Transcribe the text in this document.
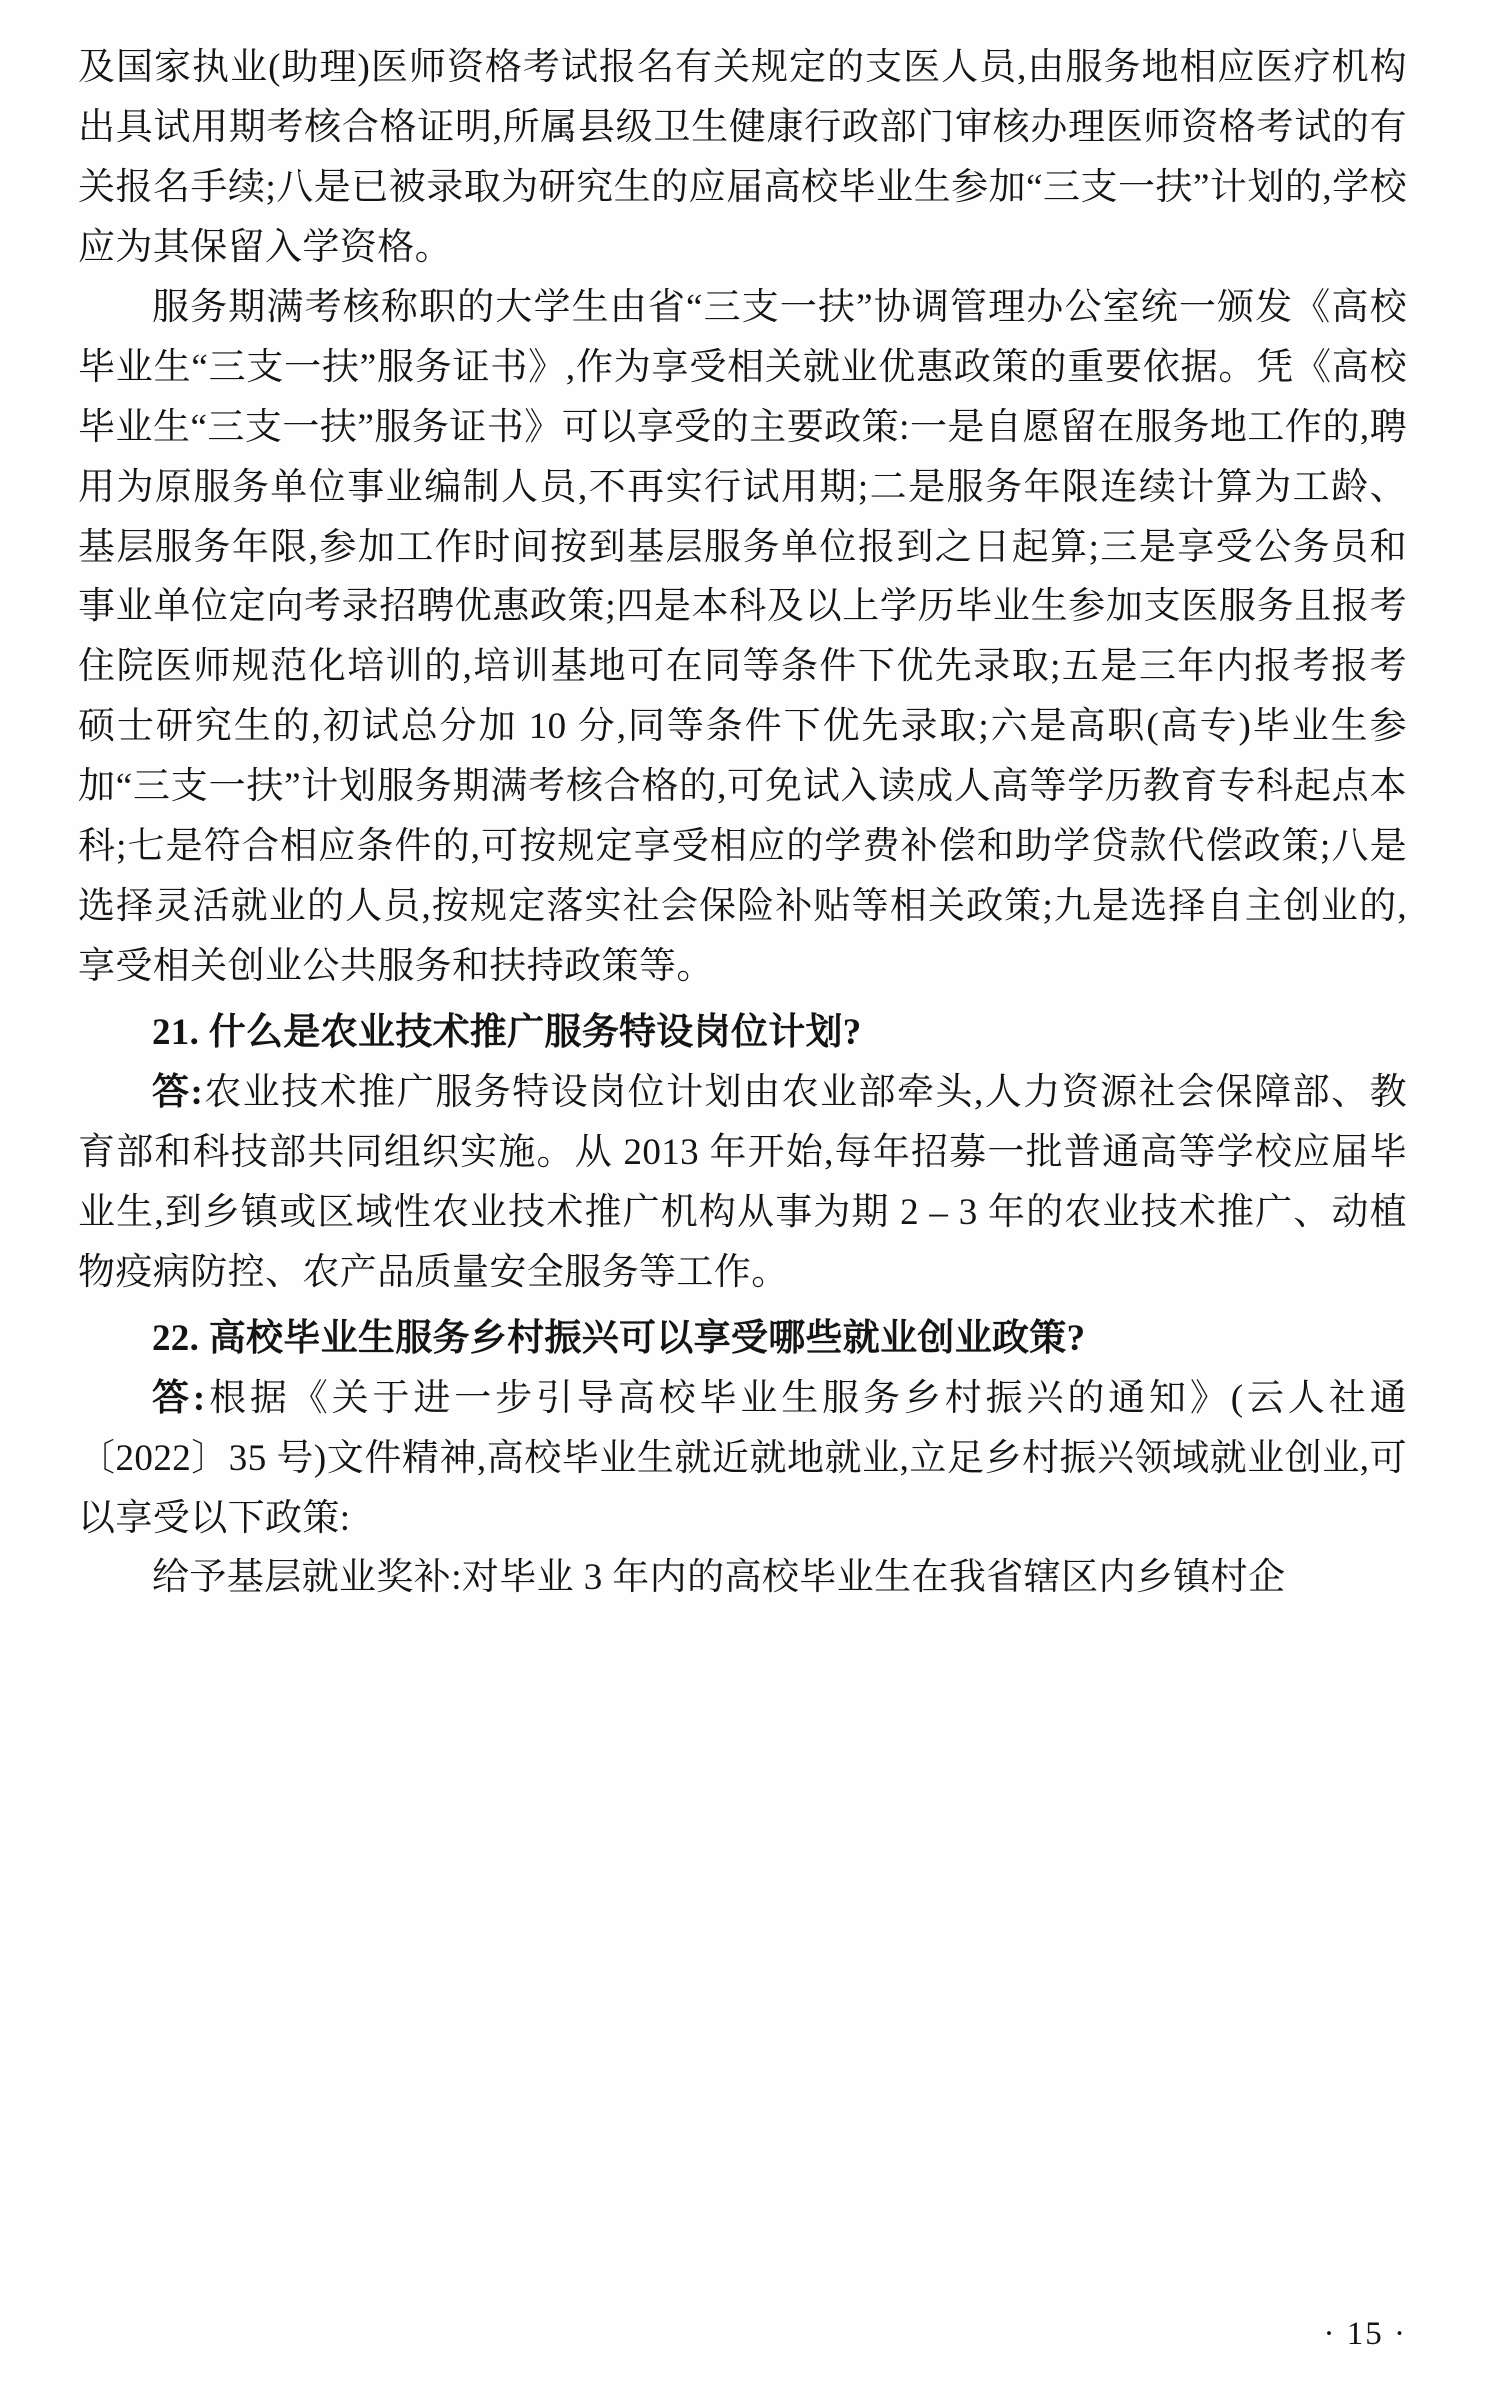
及国家执业(助理)医师资格考试报名有关规定的支医人员,由服务地相应医疗机构出具试用期考核合格证明,所属县级卫生健康行政部门审核办理医师资格考试的有关报名手续;八是已被录取为研究生的应届高校毕业生参加“三支一扶”计划的,学校应为其保留入学资格。

服务期满考核称职的大学生由省“三支一扶”协调管理办公室统一颁发《高校毕业生“三支一扶”服务证书》,作为享受相关就业优惠政策的重要依据。凭《高校毕业生“三支一扶”服务证书》可以享受的主要政策:一是自愿留在服务地工作的,聘用为原服务单位事业编制人员,不再实行试用期;二是服务年限连续计算为工龄、基层服务年限,参加工作时间按到基层服务单位报到之日起算;三是享受公务员和事业单位定向考录招聘优惠政策;四是本科及以上学历毕业生参加支医服务且报考住院医师规范化培训的,培训基地可在同等条件下优先录取;五是三年内报考报考硕士研究生的,初试总分加 10 分,同等条件下优先录取;六是高职(高专)毕业生参加“三支一扶”计划服务期满考核合格的,可免试入读成人高等学历教育专科起点本科;七是符合相应条件的,可按规定享受相应的学费补偿和助学贷款代偿政策;八是选择灵活就业的人员,按规定落实社会保险补贴等相关政策;九是选择自主创业的,享受相关创业公共服务和扶持政策等。

21. 什么是农业技术推广服务特设岗位计划?

答:农业技术推广服务特设岗位计划由农业部牵头,人力资源社会保障部、教育部和科技部共同组织实施。从 2013 年开始,每年招募一批普通高等学校应届毕业生,到乡镇或区域性农业技术推广机构从事为期 2 – 3 年的农业技术推广、动植物疫病防控、农产品质量安全服务等工作。

22. 高校毕业生服务乡村振兴可以享受哪些就业创业政策?

答:根据《关于进一步引导高校毕业生服务乡村振兴的通知》(云人社通〔2022〕35 号)文件精神,高校毕业生就近就地就业,立足乡村振兴领域就业创业,可以享受以下政策:

给予基层就业奖补:对毕业 3 年内的高校毕业生在我省辖区内乡镇村企

· 15 ·
